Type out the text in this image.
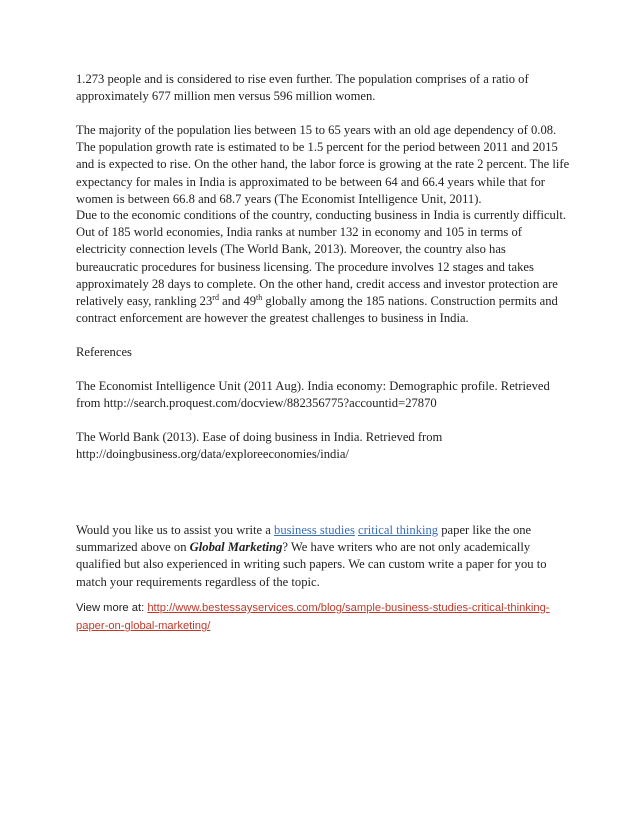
1.273 people and is considered to rise even further. The population comprises of a ratio of approximately 677 million men versus 596 million women.

The majority of the population lies between 15 to 65 years with an old age dependency of 0.08. The population growth rate is estimated to be 1.5 percent for the period between 2011 and 2015 and is expected to rise. On the other hand, the labor force is growing at the rate 2 percent. The life expectancy for males in India is approximated to be between 64 and 66.4 years while that for women is between 66.8 and 68.7 years (The Economist Intelligence Unit, 2011).

Due to the economic conditions of the country, conducting business in India is currently difficult. Out of 185 world economies, India ranks at number 132 in economy and 105 in terms of electricity connection levels (The World Bank, 2013). Moreover, the country also has bureaucratic procedures for business licensing. The procedure involves 12 stages and takes approximately 28 days to complete. On the other hand, credit access and investor protection are relatively easy, rankling 23rd and 49th globally among the 185 nations. Construction permits and contract enforcement are however the greatest challenges to business in India.

References

The Economist Intelligence Unit (2011 Aug). India economy: Demographic profile. Retrieved from http://search.proquest.com/docview/882356775?accountid=27870

The World Bank (2013). Ease of doing business in India. Retrieved from http://doingbusiness.org/data/exploreeconomies/india/

Would you like us to assist you write a business studies critical thinking paper like the one summarized above on Global Marketing? We have writers who are not only academically qualified but also experienced in writing such papers. We can custom write a paper for you to match your requirements regardless of the topic.

View more at: http://www.bestessayservices.com/blog/sample-business-studies-critical-thinking-paper-on-global-marketing/
